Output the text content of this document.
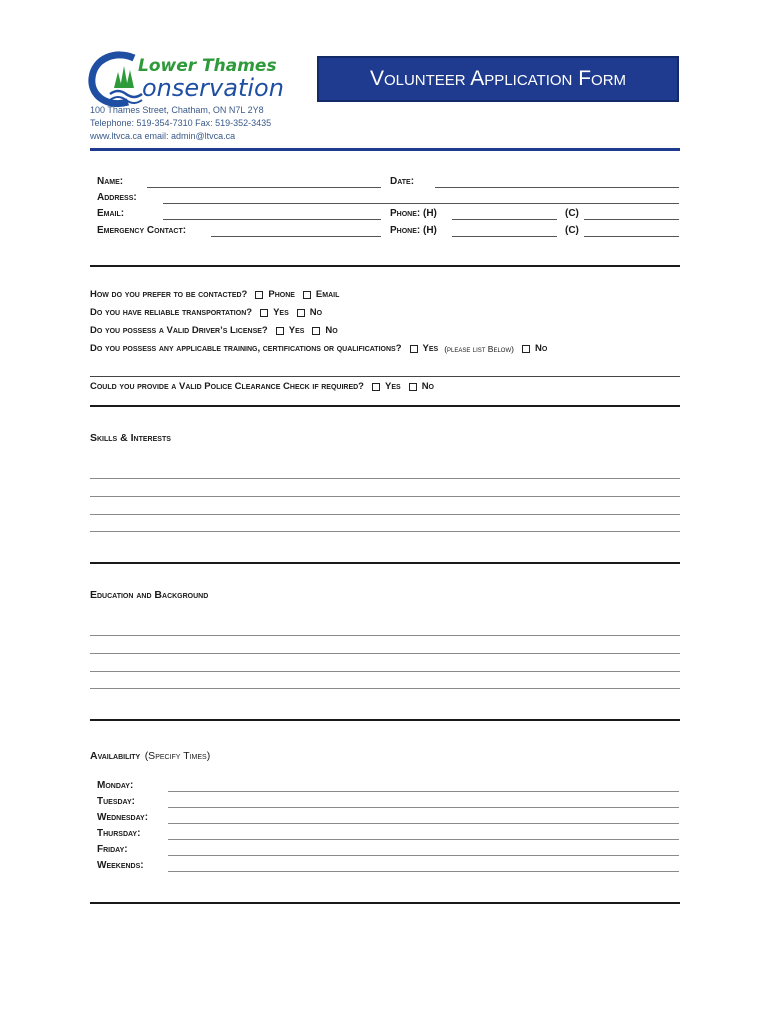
Lower Thames
onservation
100 Thames Street, Chatham, ON N7L 2Y8
Telephone: 519-354-7310 Fax: 519-352-3435
www.ltvca.ca email: admin@ltvca.ca
Volunteer Application Form
Name:	Date:
Address:
Email:	Phone: (H)	(C)
Emergency Contact:	Phone: (H)	(C)
How do you prefer to be contacted? Phone Email
Do you have reliable transportation? Yes No
Do you possess a Valid Driver’s License? Yes No
Do you possess any applicable training, certifications or qualifications? Yes (please list Below) No
Could you provide a Valid Police Clearance Check if required? Yes No
Skills & Interests
Education and Background
Availability (Specify Times)
Monday:
Tuesday:
Wednesday:
Thursday:
Friday:
Weekends:
